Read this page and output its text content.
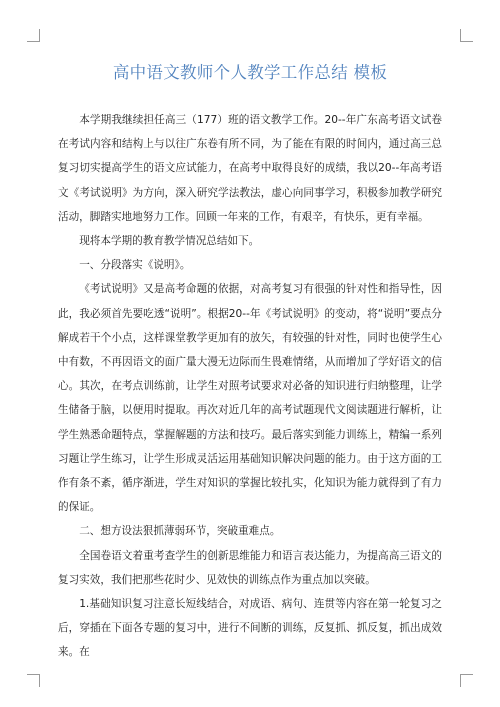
高中语文教师个人教学工作总结 模板

本学期我继续担任高三（177）班的语文教学工作。20--年广东高考语文试卷在考试内容和结构上与以往广东卷有所不同，为了能在有限的时间内，通过高三总复习切实提高学生的语文应试能力，在高考中取得良好的成绩，我以20--年高考语文《考试说明》为方向，深入研究学法教法，虚心向同事学习，积极参加教学研究活动，脚踏实地地努力工作。回顾一年来的工作，有艰辛，有快乐，更有幸福。

现将本学期的教育教学情况总结如下。

一、分段落实《说明》。

《考试说明》又是高考命题的依据，对高考复习有很强的针对性和指导性，因此，我必须首先要吃透“说明”。根据20--年《考试说明》的变动，将“说明”要点分解成若干个小点，这样课堂教学更加有的放矢，有较强的针对性，同时也使学生心中有数，不再因语文的面广量大漫无边际而生畏难情绪，从而增加了学好语文的信心。其次，在考点训练前，让学生对照考试要求对必备的知识进行归纳整理，让学生储备于脑，以便用时提取。再次对近几年的高考试题现代文阅读题进行解析，让学生熟悉命题特点，掌握解题的方法和技巧。最后落实到能力训练上，精编一系列习题让学生练习，让学生形成灵活运用基础知识解决问题的能力。由于这方面的工作有条不紊，循序渐进，学生对知识的掌握比较扎实，化知识为能力就得到了有力的保证。

二、想方设法狠抓薄弱环节，突破重难点。

全国卷语文着重考查学生的创新思维能力和语言表达能力，为提高高三语文的复习实效，我们把那些花时少、见效快的训练点作为重点加以突破。

1.基础知识复习注意长短线结合，对成语、病句、连贯等内容在第一轮复习之后，穿插在下面各专题的复习中，进行不间断的训练，反复抓、抓反复，抓出成效来。在
